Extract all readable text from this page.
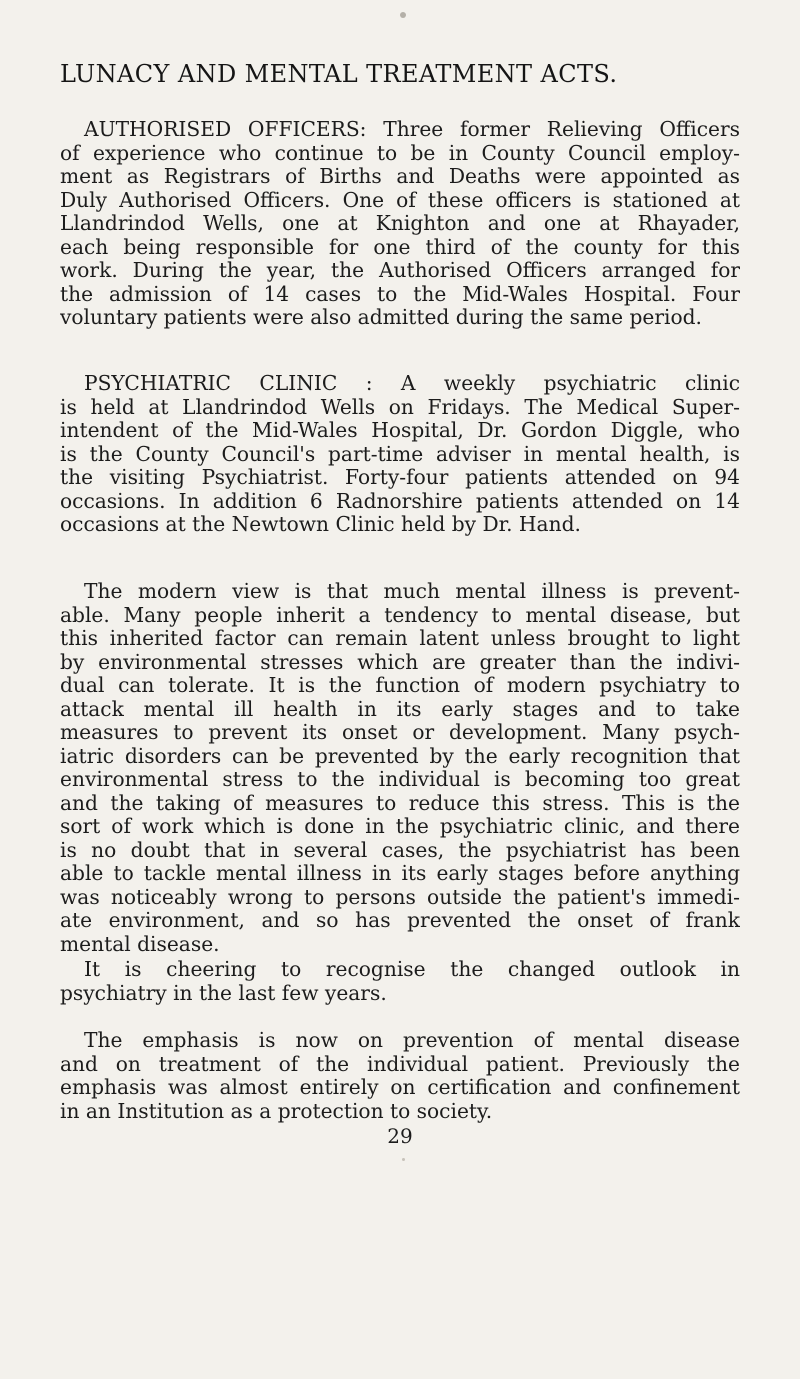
LUNACY AND MENTAL TREATMENT ACTS.
AUTHORISED OFFICERS: Three former Relieving Officers
of experience who continue to be in County Council employ-
ment as Registrars of Births and Deaths were appointed as
Duly Authorised Officers. One of these officers is stationed at
Llandrindod Wells, one at Knighton and one at Rhayader,
each being responsible for one third of the county for this
work. During the year, the Authorised Officers arranged for
the admission of 14 cases to the Mid-Wales Hospital. Four
voluntary patients were also admitted during the same period.
PSYCHIATRIC CLINIC : A weekly psychiatric clinic
is held at Llandrindod Wells on Fridays. The Medical Super-
intendent of the Mid-Wales Hospital, Dr. Gordon Diggle, who
is the County Council's part-time adviser in mental health, is
the visiting Psychiatrist. Forty-four patients attended on 94
occasions. In addition 6 Radnorshire patients attended on 14
occasions at the Newtown Clinic held by Dr. Hand.
The modern view is that much mental illness is prevent-
able. Many people inherit a tendency to mental disease, but
this inherited factor can remain latent unless brought to light
by environmental stresses which are greater than the indivi-
dual can tolerate. It is the function of modern psychiatry to
attack mental ill health in its early stages and to take
measures to prevent its onset or development. Many psych-
iatric disorders can be prevented by the early recognition that
environmental stress to the individual is becoming too great
and the taking of measures to reduce this stress. This is the
sort of work which is done in the psychiatric clinic, and there
is no doubt that in several cases, the psychiatrist has been
able to tackle mental illness in its early stages before anything
was noticeably wrong to persons outside the patient's immedi-
ate environment, and so has prevented the onset of frank
mental disease.
It is cheering to recognise the changed outlook in
psychiatry in the last few years.
The emphasis is now on prevention of mental disease
and on treatment of the individual patient. Previously the
emphasis was almost entirely on certification and confinement
in an Institution as a protection to society.
29
